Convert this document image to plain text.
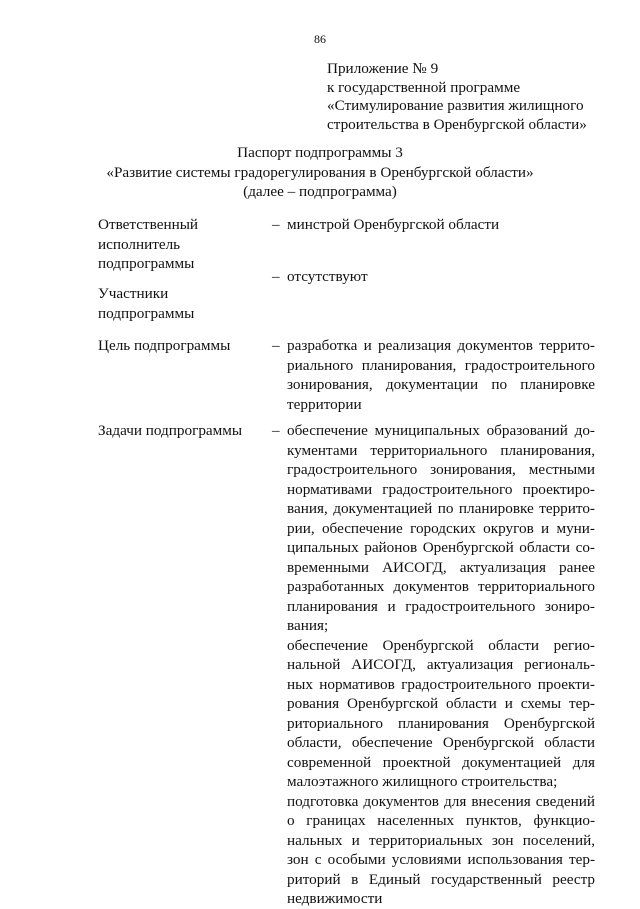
86
Приложение № 9
к государственной программе
«Стимулирование развития жилищного
строительства в Оренбургской области»
Паспорт подпрограммы 3
«Развитие системы градорегулирования в Оренбургской области»
(далее – подпрограмма)
Ответственный
исполнитель
подпрограммы
– минстрой Оренбургской области
– отсутствуют
Участники
подпрограммы
Цель подпрограммы	– разработка и реализация документов террито-
риального планирования, градостроительного
зонирования, документации по планировке
территории
Задачи подпрограммы – обеспечение муниципальных образований до-
кументами территориального планирования,
градостроительного зонирования, местными
нормативами градостроительного проектиро-
вания, документацией по планировке террито-
рии, обеспечение городских округов и муни-
ципальных районов Оренбургской области со-
временными АИСОГД, актуализация ранее
разработанных документов территориального
планирования и градостроительного зониро-
вания;
обеспечение Оренбургской области регио-
нальной АИСОГД, актуализация региональ-
ных нормативов градостроительного проекти-
рования Оренбургской области и схемы тер-
риториального планирования Оренбургской
области, обеспечение Оренбургской области
современной проектной документацией для
малоэтажного жилищного строительства;
подготовка документов для внесения сведений
о границах населенных пунктов, функцио-
нальных и территориальных зон поселений,
зон с особыми условиями использования тер-
риторий в Единый государственный реестр
недвижимости
